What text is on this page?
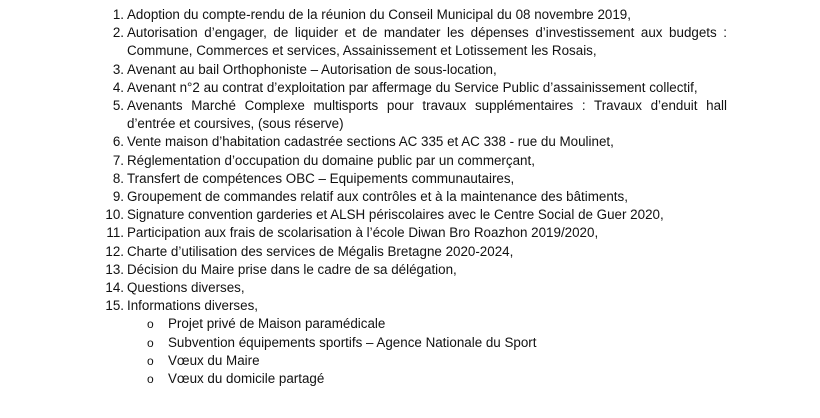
1. Adoption du compte-rendu de la réunion du Conseil Municipal du 08 novembre 2019,
2. Autorisation d’engager, de liquider et de mandater les dépenses d’investissement aux budgets : Commune, Commerces et services, Assainissement et Lotissement les Rosais,
3. Avenant au bail Orthophoniste – Autorisation de sous-location,
4. Avenant n°2 au contrat d’exploitation par affermage du Service Public d’assainissement collectif,
5. Avenants Marché Complexe multisports pour travaux supplémentaires : Travaux d’enduit hall d’entrée et coursives, (sous réserve)
6. Vente maison d’habitation cadastrée sections AC 335 et AC 338 - rue du Moulinet,
7. Réglementation d’occupation du domaine public par un commerçant,
8. Transfert de compétences OBC – Equipements communautaires,
9. Groupement de commandes relatif aux contrôles et à la maintenance des bâtiments,
10. Signature convention garderies et ALSH périscolaires avec le Centre Social de Guer 2020,
11. Participation aux frais de scolarisation à l’école Diwan Bro Roazhon 2019/2020,
12. Charte d’utilisation des services de Mégalis Bretagne 2020-2024,
13. Décision du Maire prise dans le cadre de sa délégation,
14. Questions diverses,
15. Informations diverses,
o Projet privé de Maison paramédicale
o Subvention équipements sportifs – Agence Nationale du Sport
o Vœux du Maire
o Vœux du domicile partagé
